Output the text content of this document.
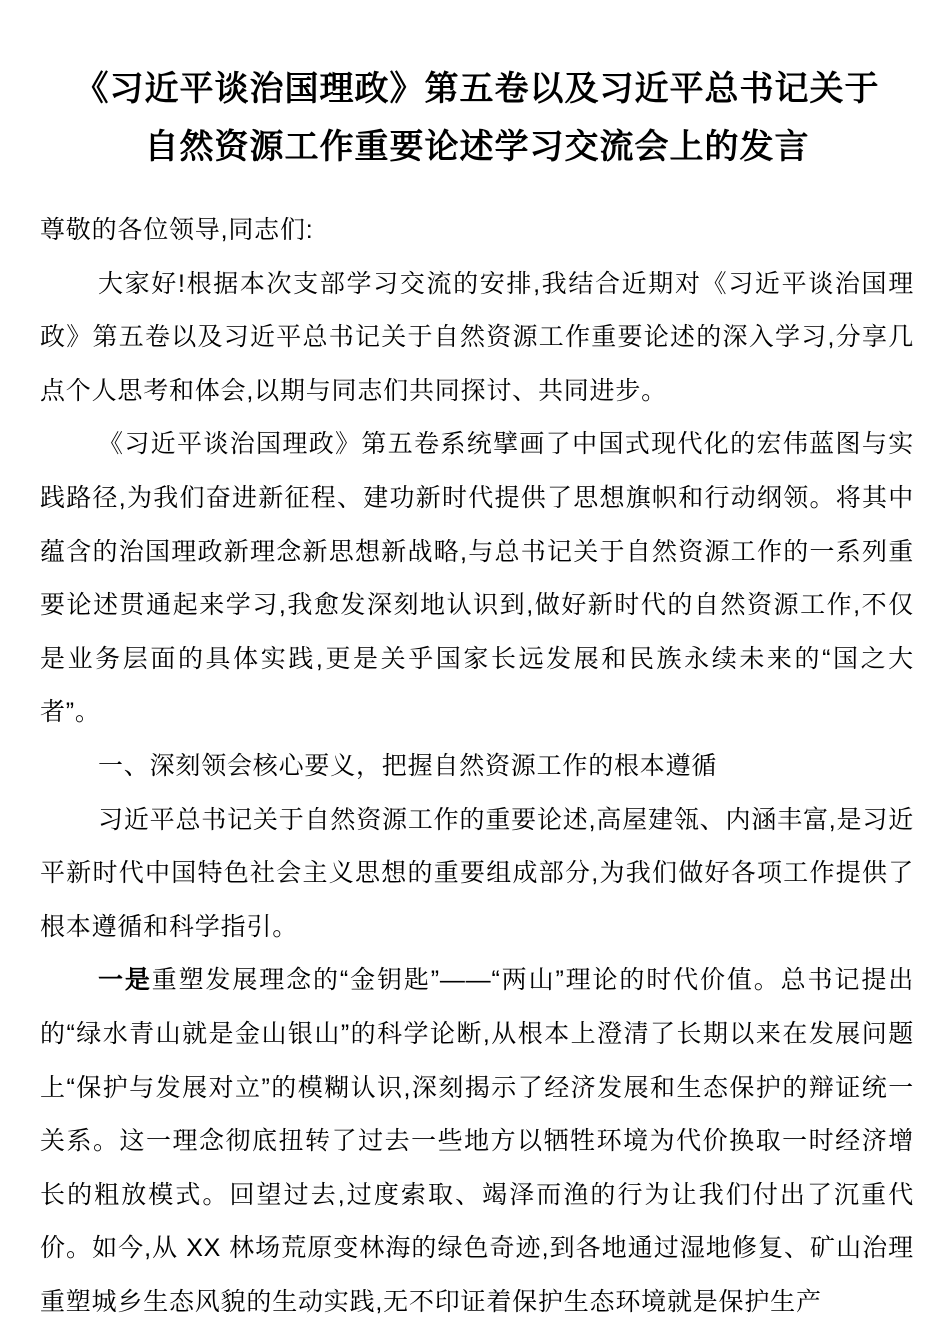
《习近平谈治国理政》第五卷以及习近平总书记关于
自然资源工作重要论述学习交流会上的发言

尊敬的各位领导,同志们:

大家好!根据本次支部学习交流的安排,我结合近期对《习近平谈治国理政》第五卷以及习近平总书记关于自然资源工作重要论述的深入学习,分享几点个人思考和体会,以期与同志们共同探讨、共同进步。

《习近平谈治国理政》第五卷系统擘画了中国式现代化的宏伟蓝图与实践路径,为我们奋进新征程、建功新时代提供了思想旗帜和行动纲领。将其中蕴含的治国理政新理念新思想新战略,与总书记关于自然资源工作的一系列重要论述贯通起来学习,我愈发深刻地认识到,做好新时代的自然资源工作,不仅是业务层面的具体实践,更是关乎国家长远发展和民族永续未来的“国之大者”。

一、深刻领会核心要义，把握自然资源工作的根本遵循

习近平总书记关于自然资源工作的重要论述,高屋建瓴、内涵丰富,是习近平新时代中国特色社会主义思想的重要组成部分,为我们做好各项工作提供了根本遵循和科学指引。

一是重塑发展理念的“金钥匙”——“两山”理论的时代价值。总书记提出的“绿水青山就是金山银山”的科学论断,从根本上澄清了长期以来在发展问题上“保护与发展对立”的模糊认识,深刻揭示了经济发展和生态保护的辩证统一关系。这一理念彻底扭转了过去一些地方以牺牲环境为代价换取一时经济增长的粗放模式。回望过去,过度索取、竭泽而渔的行为让我们付出了沉重代价。如今,从 XX 林场荒原变林海的绿色奇迹,到各地通过湿地修复、矿山治理重塑城乡生态风貌的生动实践,无不印证着保护生态环境就是保护生产
